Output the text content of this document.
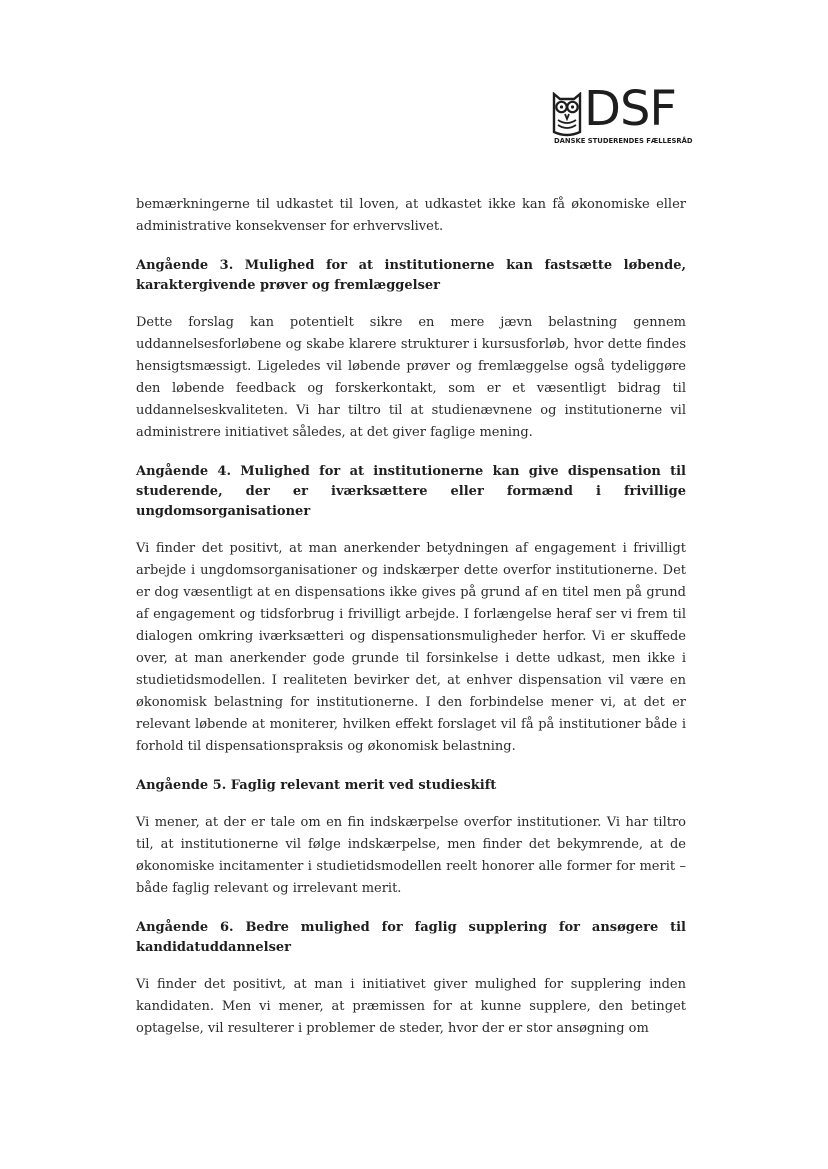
DSF
DANSKE STUDERENDES FÆLLESRÅD

bemærkningerne til udkastet til loven, at udkastet ikke kan få økonomiske eller administrative konsekvenser for erhvervslivet.

Angående 3. Mulighed for at institutionerne kan fastsætte løbende, karaktergivende prøver og fremlæggelser

Dette forslag kan potentielt sikre en mere jævn belastning gennem uddannelsesforløbene og skabe klarere strukturer i kursusforløb, hvor dette findes hensigtsmæssigt. Ligeledes vil løbende prøver og fremlæggelse også tydeliggøre den løbende feedback og forskerkontakt, som er et væsentligt bidrag til uddannelseskvaliteten. Vi har tiltro til at studienævnene og institutionerne vil administrere initiativet således, at det giver faglige mening.

Angående 4. Mulighed for at institutionerne kan give dispensation til studerende, der er iværksættere eller formænd i frivillige ungdomsorganisationer

Vi finder det positivt, at man anerkender betydningen af engagement i frivilligt arbejde i ungdomsorganisationer og indskærper dette overfor institutionerne. Det er dog væsentligt at en dispensations ikke gives på grund af en titel men på grund af engagement og tidsforbrug i frivilligt arbejde. I forlængelse heraf ser vi frem til dialogen omkring iværksætteri og dispensationsmuligheder herfor. Vi er skuffede over, at man anerkender gode grunde til forsinkelse i dette udkast, men ikke i studietidsmodellen. I realiteten bevirker det, at enhver dispensation vil være en økonomisk belastning for institutionerne. I den forbindelse mener vi, at det er relevant løbende at moniterer, hvilken effekt forslaget vil få på institutioner både i forhold til dispensationspraksis og økonomisk belastning.

Angående 5. Faglig relevant merit ved studieskift

Vi mener, at der er tale om en fin indskærpelse overfor institutioner. Vi har tiltro til, at institutionerne vil følge indskærpelse, men finder det bekymrende, at de økonomiske incitamenter i studietidsmodellen reelt honorer alle former for merit – både faglig relevant og irrelevant merit.

Angående 6. Bedre mulighed for faglig supplering for ansøgere til kandidatuddannelser

Vi finder det positivt, at man i initiativet giver mulighed for supplering inden kandidaten. Men vi mener, at præmissen for at kunne supplere, den betinget optagelse, vil resulterer i problemer de steder, hvor der er stor ansøgning om
